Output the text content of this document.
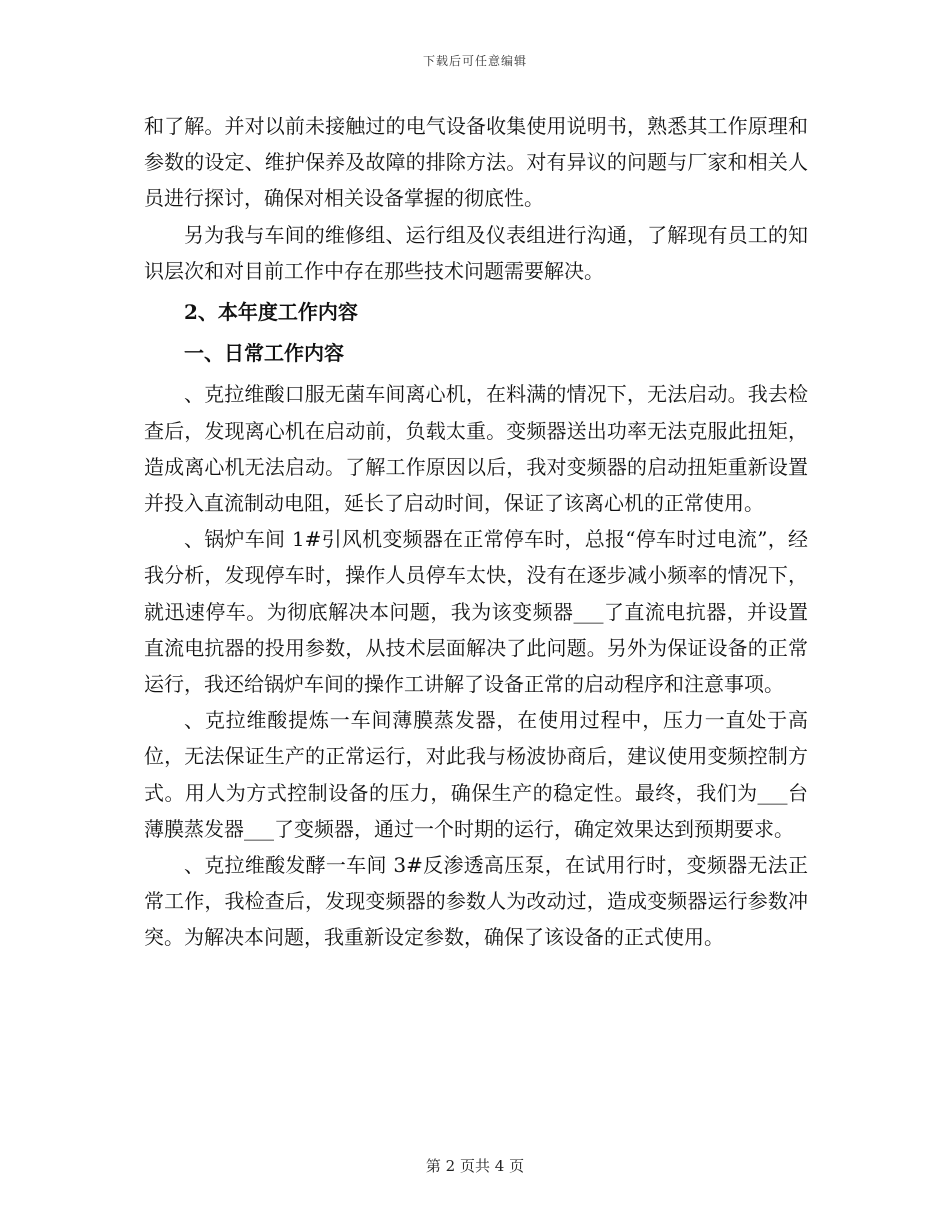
下载后可任意编辑

和了解。并对以前未接触过的电气设备收集使用说明书，熟悉其工作原理和参数的设定、维护保养及故障的排除方法。对有异议的问题与厂家和相关人员进行探讨，确保对相关设备掌握的彻底性。

另为我与车间的维修组、运行组及仪表组进行沟通，了解现有员工的知识层次和对目前工作中存在那些技术问题需要解决。

2、本年度工作内容

一、日常工作内容

、克拉维酸口服无菌车间离心机，在料满的情况下，无法启动。我去检查后，发现离心机在启动前，负载太重。变频器送出功率无法克服此扭矩，造成离心机无法启动。了解工作原因以后，我对变频器的启动扭矩重新设置并投入直流制动电阻，延长了启动时间，保证了该离心机的正常使用。

、锅炉车间 1#引风机变频器在正常停车时，总报“停车时过电流”，经我分析，发现停车时，操作人员停车太快，没有在逐步减小频率的情况下，就迅速停车。为彻底解决本问题，我为该变频器___了直流电抗器，并设置直流电抗器的投用参数，从技术层面解决了此问题。另外为保证设备的正常运行，我还给锅炉车间的操作工讲解了设备正常的启动程序和注意事项。

、克拉维酸提炼一车间薄膜蒸发器，在使用过程中，压力一直处于高位，无法保证生产的正常运行，对此我与杨波协商后，建议使用变频控制方式。用人为方式控制设备的压力，确保生产的稳定性。最终，我们为___台薄膜蒸发器___了变频器，通过一个时期的运行，确定效果达到预期要求。

、克拉维酸发酵一车间 3#反渗透高压泵，在试用行时，变频器无法正常工作，我检查后，发现变频器的参数人为改动过，造成变频器运行参数冲突。为解决本问题，我重新设定参数，确保了该设备的正式使用。

第 2 页共 4 页
